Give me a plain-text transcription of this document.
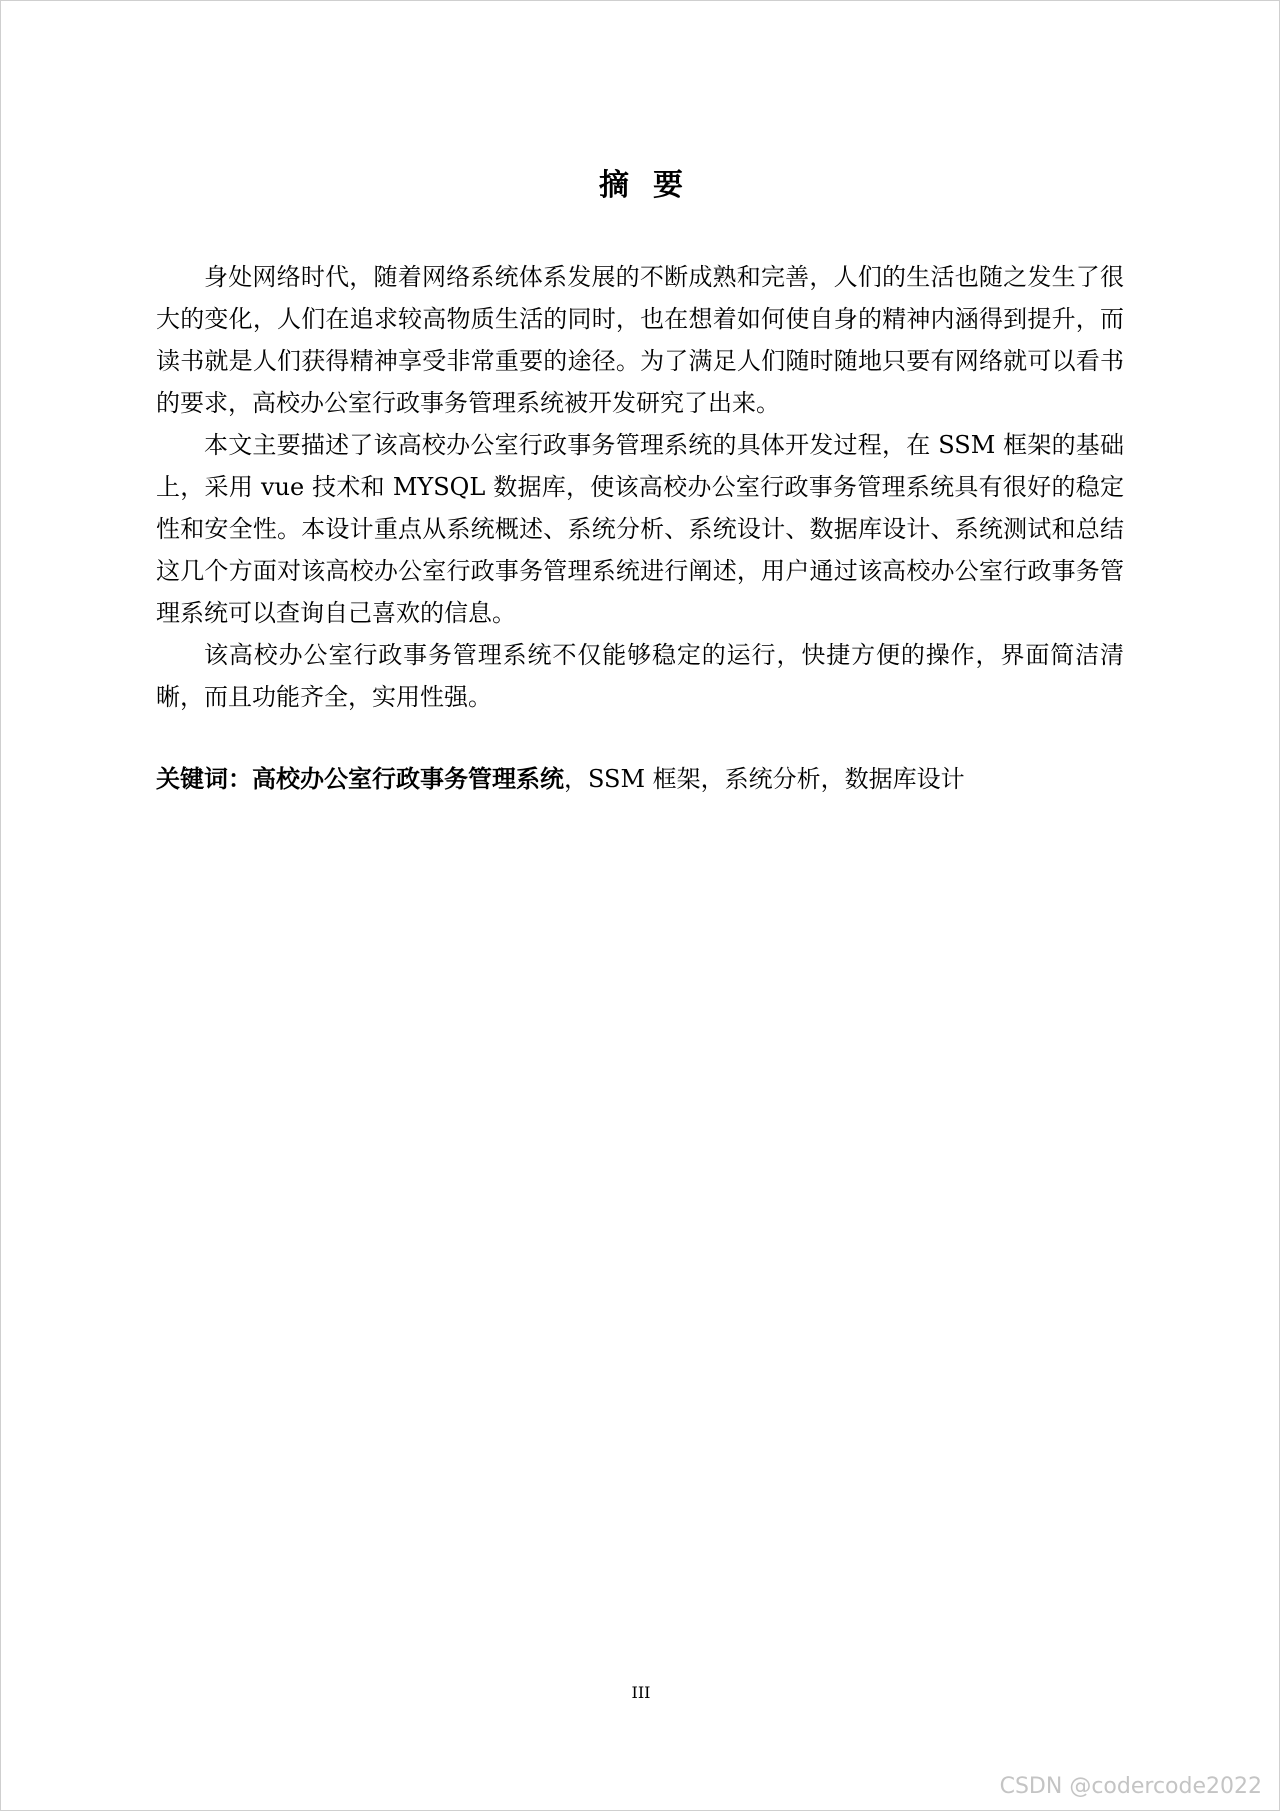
摘要

身处网络时代，随着网络系统体系发展的不断成熟和完善，人们的生活也随之发生了很大的变化，人们在追求较高物质生活的同时，也在想着如何使自身的精神内涵得到提升，而读书就是人们获得精神享受非常重要的途径。为了满足人们随时随地只要有网络就可以看书的要求，高校办公室行政事务管理系统被开发研究了出来。

本文主要描述了该高校办公室行政事务管理系统的具体开发过程，在 SSM 框架的基础上，采用 vue 技术和 MYSQL 数据库，使该高校办公室行政事务管理系统具有很好的稳定性和安全性。本设计重点从系统概述、系统分析、系统设计、数据库设计、系统测试和总结这几个方面对该高校办公室行政事务管理系统进行阐述，用户通过该高校办公室行政事务管理系统可以查询自己喜欢的信息。

该高校办公室行政事务管理系统不仅能够稳定的运行，快捷方便的操作，界面简洁清晰，而且功能齐全，实用性强。

关键词：高校办公室行政事务管理系统，SSM 框架，系统分析，数据库设计
III
CSDN @codercode2022
